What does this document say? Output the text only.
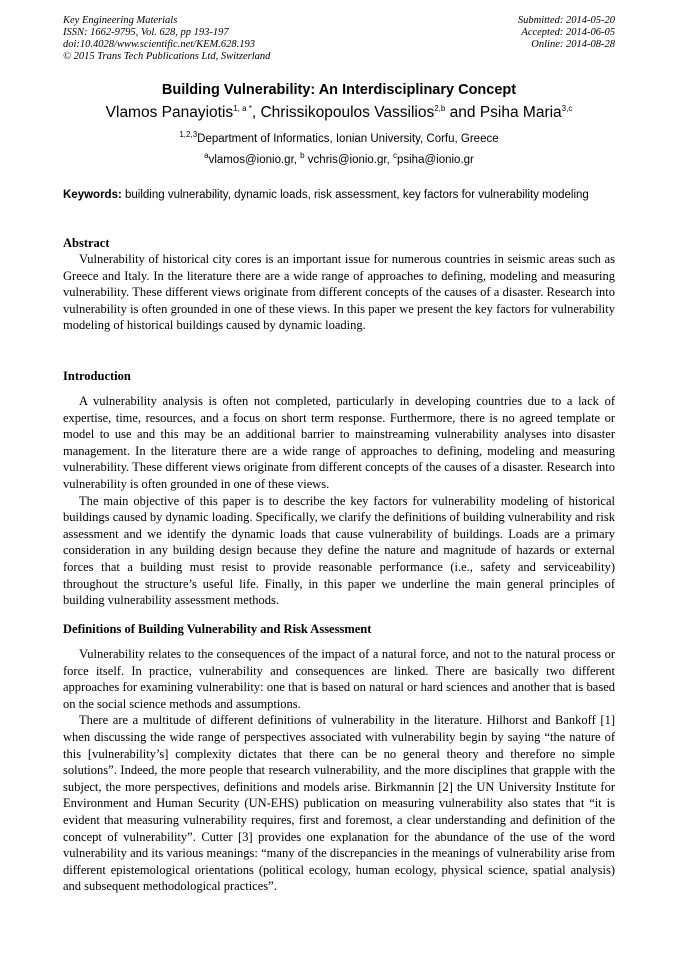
Key Engineering Materials
ISSN: 1662-9795, Vol. 628, pp 193-197
doi:10.4028/www.scientific.net/KEM.628.193
© 2015 Trans Tech Publications Ltd, Switzerland
Submitted: 2014-05-20
Accepted: 2014-06-05
Online: 2014-08-28
Building Vulnerability: An Interdisciplinary Concept
Vlamos Panayiotis$^{1, a *}$, Chrissikopoulos Vassilios$^{2,b}$ and Psiha Maria$^{3,c}$
$^{1,2,3}$Department of Informatics, Ionian University, Corfu, Greece
$^a$vlamos@ionio.gr, $^b$ vchris@ionio.gr, $^c$psiha@ionio.gr
Keywords: building vulnerability, dynamic loads, risk assessment, key factors for vulnerability modeling

Abstract

Vulnerability of historical city cores is an important issue for numerous countries in seismic areas such as Greece and Italy. In the literature there are a wide range of approaches to defining, modeling and measuring vulnerability. These different views originate from different concepts of the causes of a disaster. Research into vulnerability is often grounded in one of these views. In this paper we present the key factors for vulnerability modeling of historical buildings caused by dynamic loading.

Introduction

A vulnerability analysis is often not completed, particularly in developing countries due to a lack of expertise, time, resources, and a focus on short term response. Furthermore, there is no agreed template or model to use and this may be an additional barrier to mainstreaming vulnerability analyses into disaster management. In the literature there are a wide range of approaches to defining, modeling and measuring vulnerability. These different views originate from different concepts of the causes of a disaster. Research into vulnerability is often grounded in one of these views.

The main objective of this paper is to describe the key factors for vulnerability modeling of historical buildings caused by dynamic loading. Specifically, we clarify the definitions of building vulnerability and risk assessment and we identify the dynamic loads that cause vulnerability of buildings. Loads are a primary consideration in any building design because they define the nature and magnitude of hazards or external forces that a building must resist to provide reasonable performance (i.e., safety and serviceability) throughout the structure’s useful life. Finally, in this paper we underline the main general principles of building vulnerability assessment methods.

Definitions of Building Vulnerability and Risk Assessment

Vulnerability relates to the consequences of the impact of a natural force, and not to the natural process or force itself. In practice, vulnerability and consequences are linked. There are basically two different approaches for examining vulnerability: one that is based on natural or hard sciences and another that is based on the social science methods and assumptions.

There are a multitude of different definitions of vulnerability in the literature. Hilhorst and Bankoff [1] when discussing the wide range of perspectives associated with vulnerability begin by saying “the nature of this [vulnerability’s] complexity dictates that there can be no general theory and therefore no simple solutions”. Indeed, the more people that research vulnerability, and the more disciplines that grapple with the subject, the more perspectives, definitions and models arise. Birkmannin [2] the UN University Institute for Environment and Human Security (UN-EHS) publication on measuring vulnerability also states that “it is evident that measuring vulnerability requires, first and foremost, a clear understanding and definition of the concept of vulnerability”. Cutter [3] provides one explanation for the abundance of the use of the word vulnerability and its various meanings: “many of the discrepancies in the meanings of vulnerability arise from different epistemological orientations (political ecology, human ecology, physical science, spatial analysis) and subsequent methodological practices”.
